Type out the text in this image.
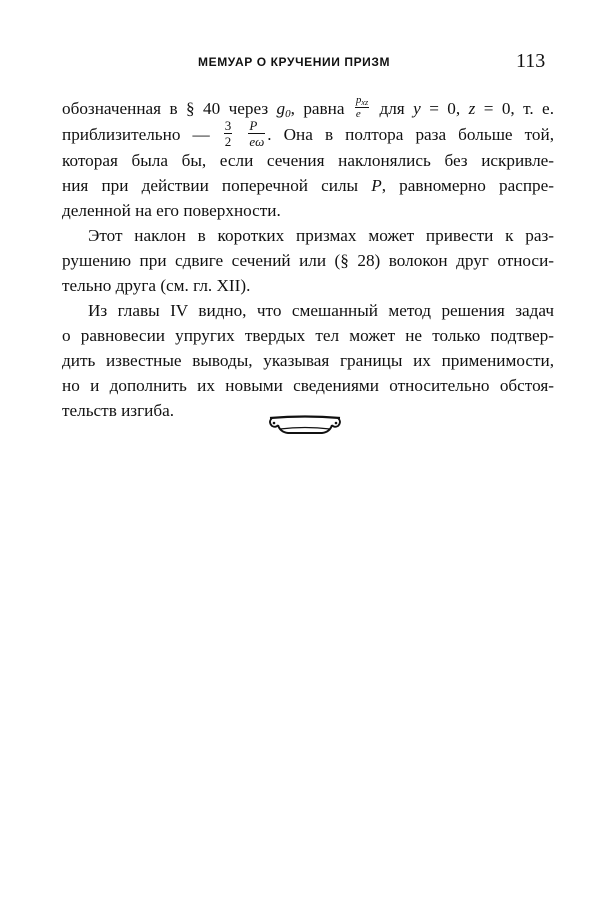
МЕМУАР О КРУЧЕНИИ ПРИЗМ	113
обозначенная в § 40 через $g_0$, равна $\frac{p_{xz}}{e}$ для y = 0, z = 0, т. е.
приблизительно — $\frac{3}{2}$
$\frac{P}{e\omega}$ . Она в полтора раза больше той,
которая была бы, если сечения наклонялись без искривле-
ния при действии поперечной силы P, равномерно распре-
деленной на его поверхности.
Этот наклон в коротких призмах может привести к раз-
рушению при сдвиге сечений или (§ 28) волокон друг относи-
тельно друга (см. гл. XII).
Из главы IV видно, что смешанный метод решения задач
о равновесии упругих твердых тел может не только подтвер-
дить известные выводы, указывая границы их применимости,
но и дополнить их новыми сведениями относительно обстоя-
тельств изгиба.
